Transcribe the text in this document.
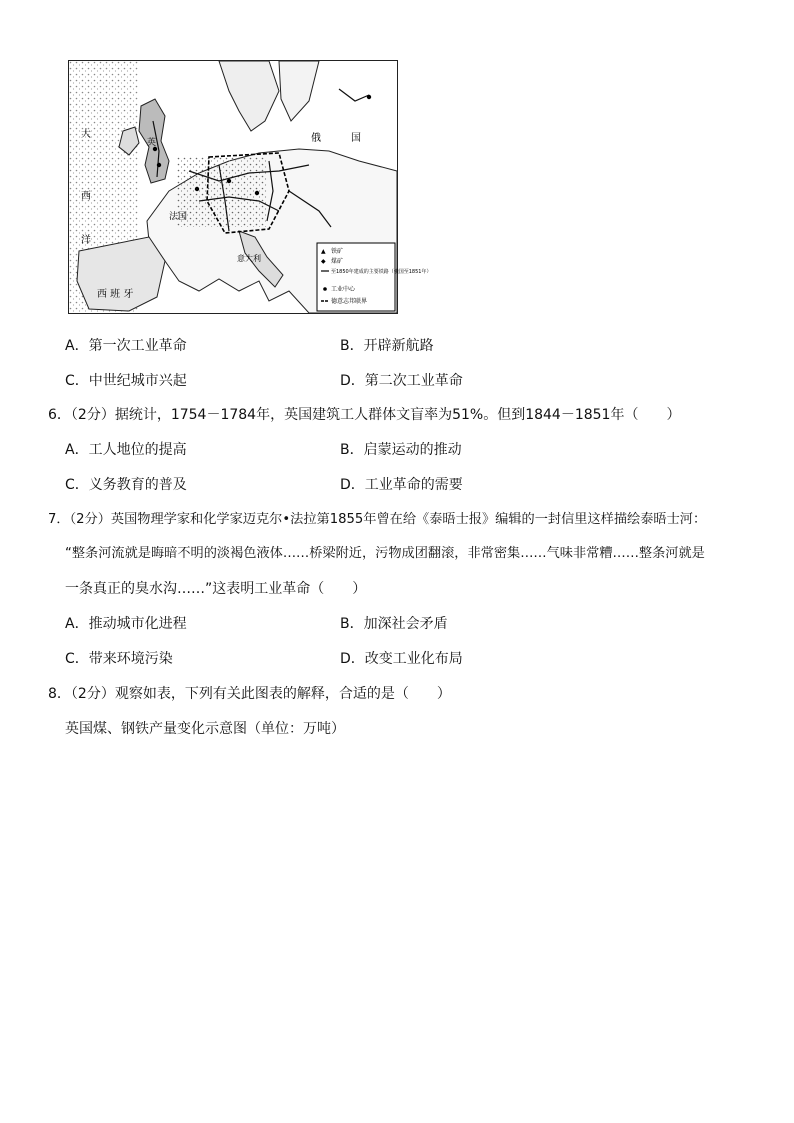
大
西
洋
俄	国
西 班 牙
英
法国
意大利
▲ 铁矿
◆ 煤矿
至1850年建成的主要铁路（俄国至1851年）
工业中心
德意志邦联界
A．第一次工业革命	B．开辟新航路
C．中世纪城市兴起	D．第二次工业革命
6．（2分）据统计，1754－1784年，英国建筑工人群体文盲率为51%。但到1844－1851年（　　）
A．工人地位的提高	B．启蒙运动的推动
C．义务教育的普及	D．工业革命的需要
7．（2分）英国物理学家和化学家迈克尔•法拉第1855年曾在给《泰晤士报》编辑的一封信里这样描绘泰晤士河：
“整条河流就是晦暗不明的淡褐色液体……桥梁附近，污物成团翻滚，非常密集……气味非常糟……整条河就是
一条真正的臭水沟……”这表明工业革命（　　）
A．推动城市化进程	B．加深社会矛盾
C．带来环境污染	D．改变工业化布局
8．（2分）观察如表，下列有关此图表的解释，合适的是（　　）
英国煤、钢铁产量变化示意图（单位：万吨）
